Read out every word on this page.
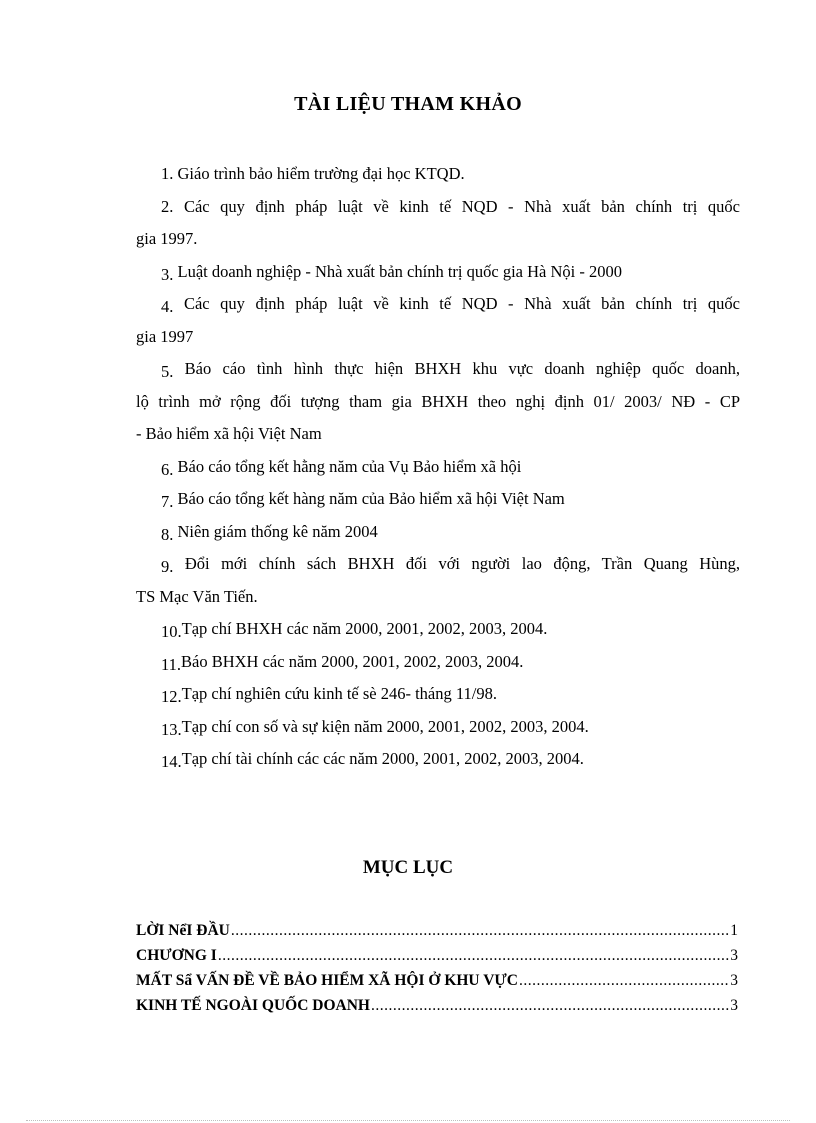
TÀI LIỆU THAM KHẢO

1. Giáo trình bảo hiểm trường đại học KTQD.

2. Các quy định pháp luật về kinh tế NQD - Nhà xuất bản chính trị quốc

gia 1997.

3. Luật doanh nghiệp - Nhà xuất bản chính trị quốc gia Hà Nội - 2000

4. Các quy định pháp luật về kinh tế NQD - Nhà xuất bản chính trị quốc

gia 1997

5. Báo cáo tình hình thực hiện BHXH khu vực doanh nghiệp quốc doanh,

lộ trình mở rộng đối tượng tham gia BHXH theo nghị định 01/ 2003/ NĐ - CP

- Bảo hiểm xã hội Việt Nam

6. Báo cáo tổng kết hằng năm của Vụ Bảo hiểm xã hội

7. Báo cáo tổng kết hàng năm của Bảo hiểm xã hội Việt Nam

8. Niên giám thống kê năm 2004

9. Đổi mới chính sách BHXH đối với người lao động, Trần Quang Hùng,

TS Mạc Văn Tiến.

10.Tạp chí BHXH các năm 2000, 2001, 2002, 2003, 2004.

11.Báo BHXH các năm 2000, 2001, 2002, 2003, 2004.

12.Tạp chí nghiên cứu kinh tế sè 246- tháng 11/98.

13.Tạp chí con số và sự kiện năm 2000, 2001, 2002, 2003, 2004.

14.Tạp chí tài chính các các năm 2000, 2001, 2002, 2003, 2004.

MỤC LỤC
LỜI NểI ĐẦU .....	1
CHƯƠNG I .....	3
MẤT Sẩ VẤN ĐỀ VỀ BẢO HIỂM XÃ HỘI Ở KHU VỰC .....	3
KINH TẾ NGOÀI QUỐC DOANH .....	3
